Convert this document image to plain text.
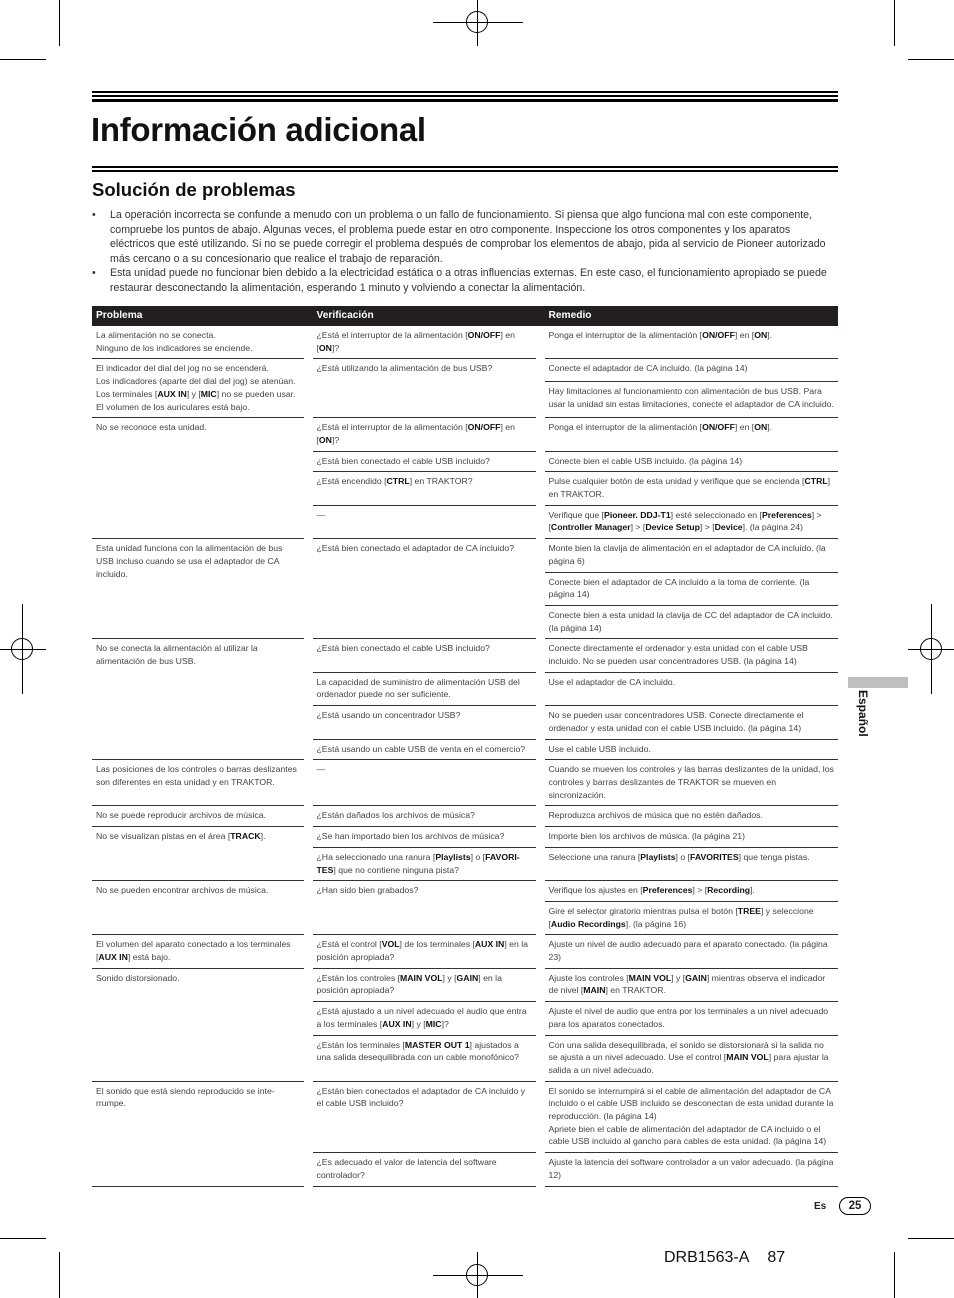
Información adicional
Solución de problemas

• La operación incorrecta se confunde a menudo con un problema o un fallo de funcionamiento. Si piensa que algo funciona mal con este componente, compruebe los puntos de abajo. Algunas veces, el problema puede estar en otro componente. Inspeccione los otros componentes y los aparatos eléctricos que esté utilizando. Si no se puede corregir el problema después de comprobar los elementos de abajo, pida al servicio de Pioneer autorizado más cercano o a su concesionario que realice el trabajo de reparación.

• Esta unidad puede no funcionar bien debido a la electricidad estática o a otras influencias externas. En este caso, el funcionamiento apropiado se puede restaurar desconectando la alimentación, esperando 1 minuto y volviendo a conectar la alimentación.

Problema	Verificación	Remedio
La alimentación no se conecta.
Ninguno de los indicadores se enciende.	¿Está el interruptor de la alimentación [ON/OFF] en [ON]?	Ponga el interruptor de la alimentación [ON/OFF] en [ON].
El indicador del dial del jog no se encenderá.
Los indicadores (aparte del dial del jog) se atenúan.
Los terminales [AUX IN] y [MIC] no se pueden usar.
El volumen de los auriculares está bajo.	¿Está utilizando la alimentación de bus USB?	Conecte el adaptador de CA incluido. (la página 14)
		Hay limitaciones al funcionamiento con alimentación de bus USB. Para usar la unidad sin estas limitaciones, conecte el adaptador de CA incluido.
No se reconoce esta unidad.	¿Está el interruptor de la alimentación [ON/OFF] en [ON]?	Ponga el interruptor de la alimentación [ON/OFF] en [ON].
	¿Está bien conectado el cable USB incluido?	Conecte bien el cable USB incluido. (la página 14)
	¿Está encendido [CTRL] en TRAKTOR?	Pulse cualquier botón de esta unidad y verifique que se encienda [CTRL] en TRAKTOR.
	—	Verifique que [Pioneer. DDJ-T1] esté seleccionado en [Preferences] > [Controller Manager] > [Device Setup] > [Device]. (la página 24)
Esta unidad funciona con la alimentación de bus USB incluso cuando se usa el adaptador de CA incluido.	¿Está bien conectado el adaptador de CA incluido?	Monte bien la clavija de alimentación en el adaptador de CA incluido. (la página 6)
		Conecte bien el adaptador de CA incluido a la toma de corriente. (la página 14)
		Conecte bien a esta unidad la clavija de CC del adaptador de CA incluido. (la página 14)
No se conecta la alimentación al utilizar la alimentación de bus USB.	¿Está bien conectado el cable USB incluido?	Conecte directamente el ordenador y esta unidad con el cable USB incluido. No se pueden usar concentradores USB. (la página 14)
	La capacidad de suministro de alimentación USB del ordenador puede no ser suficiente.	Use el adaptador de CA incluido.
	¿Está usando un concentrador USB?	No se pueden usar concentradores USB. Conecte directamente el ordenador y esta unidad con el cable USB incluido. (la página 14)
	¿Está usando un cable USB de venta en el comercio?	Use el cable USB incluido.
Las posiciones de los controles o barras deslizantes son diferentes en esta unidad y en TRAKTOR.	—	Cuando se mueven los controles y las barras deslizantes de la unidad, los controles y barras deslizantes de TRAKTOR se mueven en sincronización.
No se puede reproducir archivos de música.	¿Están dañados los archivos de música?	Reproduzca archivos de música que no estén dañados.
No se visualizan pistas en el área [TRACK].	¿Se han importado bien los archivos de música?	Importe bien los archivos de música. (la página 21)
	¿Ha seleccionado una ranura [Playlists] o [FAVORITES] que no contiene ninguna pista?	Seleccione una ranura [Playlists] o [FAVORITES] que tenga pistas.
No se pueden encontrar archivos de música.	¿Han sido bien grabados?	Verifique los ajustes en [Preferences] > [Recording].
		Gire el selector giratorio mientras pulsa el botón [TREE] y seleccione [Audio Recordings]. (la página 16)
El volumen del aparato conectado a los terminales [AUX IN] está bajo.	¿Está el control [VOL] de los terminales [AUX IN] en la posición apropiada?	Ajuste un nivel de audio adecuado para el aparato conectado. (la página 23)
Sonido distorsionado.	¿Están los controles [MAIN VOL] y [GAIN] en la posición apropiada?	Ajuste los controles [MAIN VOL] y [GAIN] mientras observa el indicador de nivel [MAIN] en TRAKTOR.
	¿Está ajustado a un nivel adecuado el audio que entra a los terminales [AUX IN] y [MIC]?	Ajuste el nivel de audio que entra por los terminales a un nivel adecuado para los aparatos conectados.
	¿Están los terminales [MASTER OUT 1] ajustados a una salida desequilibrada con un cable monofónico?	Con una salida desequilibrada, el sonido se distorsionará si la salida no se ajusta a un nivel adecuado. Use el control [MAIN VOL] para ajustar la salida a un nivel adecuado.
El sonido que está siendo reproducido se interrumpe.	¿Están bien conectados el adaptador de CA incluido y el cable USB incluido?	El sonido se interrumpirá si el cable de alimentación del adaptador de CA incluido o el cable USB incluido se desconectan de esta unidad durante la reproducción. (la página 14)
Apriete bien el cable de alimentación del adaptador de CA incluido o el cable USB incluido al gancho para cables de esta unidad. (la página 14)
	¿Es adecuado el valor de latencia del software controlador?	Ajuste la latencia del software controlador a un valor adecuado. (la página 12)
Español
Es	25
DRB1563-A 87
